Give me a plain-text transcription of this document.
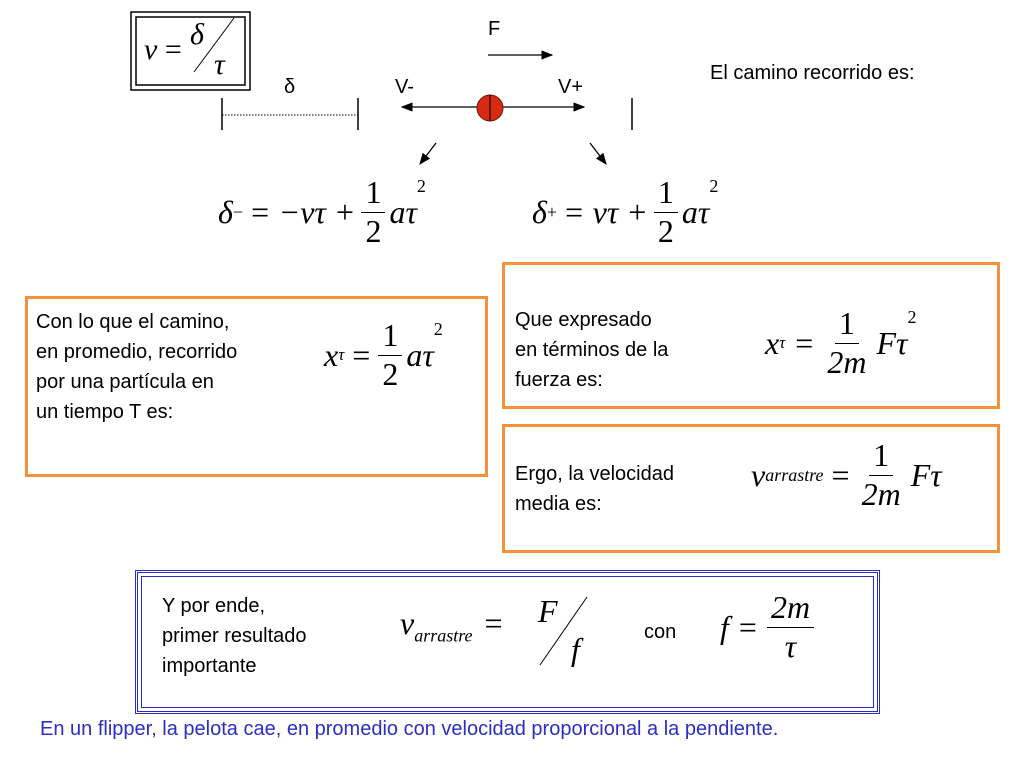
v = δ
τ
F
δ	V-	V+
El camino recorrido es:
δ − = $-v\tau + \frac{1}{2}$ aτ
$^2$
δ + = $v\tau + \frac{1}{2}$ aτ
$^2$
Con lo que el camino,
en promedio, recorrido
por una partícula en
un tiempo T es:
x $\tau = \frac{1}{2}$ aτ
$^2$	Que expresado
en términos de la
fuerza es:
x $\tau = \frac{1}{2m}$ Fτ
$^2$
Ergo, la velocidad
media es:
v arrastre = $\frac{1}{2m}$ Fτ
Y por ende,
primer resultado
importante
$v_{arrastre} = F$
f	con $f = \frac{2m}{\tau}$
En un flipper, la pelota cae, en promedio con velocidad proporcional a la pendiente.
